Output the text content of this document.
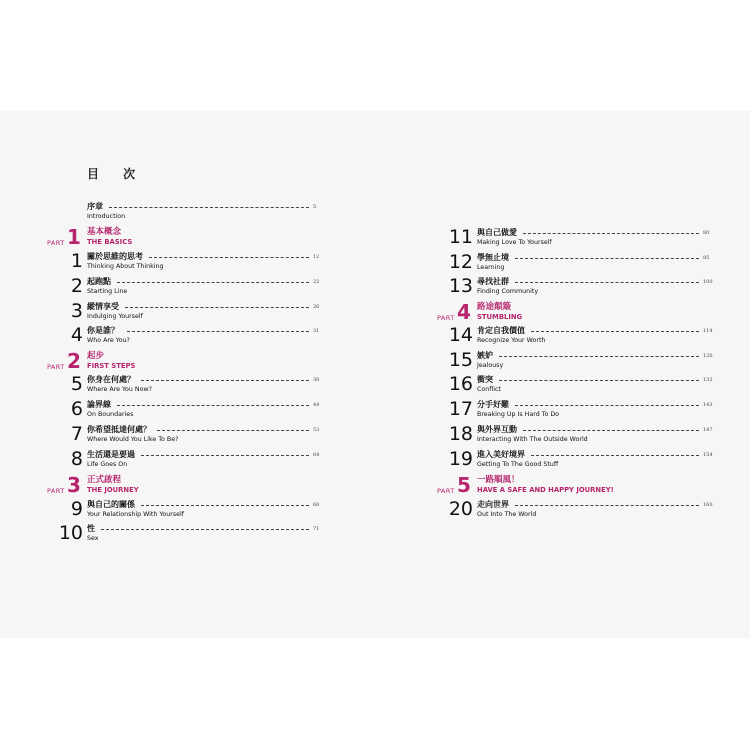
目 次
序章
Introduction
5
PART 1 基本概念
THE BASICS
1 關於思維的思考
Thinking About Thinking
12
2 起跑點
Starting Line
22
3 縱情享受
Indulging Yourself
26
4 你是誰？
Who Are You?
31
PART 2 起步
FIRST STEPS
5 你身在何處？
Where Are You Now?
38
6 論界線
On Boundaries
44
7 你希望抵達何處？
Where Would You Like To Be?
53
8 生活還是要過
Life Goes On
64
PART 3 正式啟程
THE JOURNEY
9 與自己的關係
Your Relationship With Yourself
68
10 性
Sex
71
11 與自己做愛
Making Love To Yourself
80
12 學無止境
Learning
85
13 尋找社群
Finding Community
100
PART 4 路途顛簸
STUMBLING
14 肯定自我價值
Recognize Your Worth
114
15 嫉妒
Jealousy
120
16 衝突
Conflict
132
17 分手好難
Breaking Up Is Hard To Do
143
18 與外界互動
Interacting With The Outside World
147
19 進入美好境界
Getting To The Good Stuff
154
PART 5 一路順風！
HAVE A SAFE AND HAPPY JOURNEY!
20 走向世界
Out Into The World
160
